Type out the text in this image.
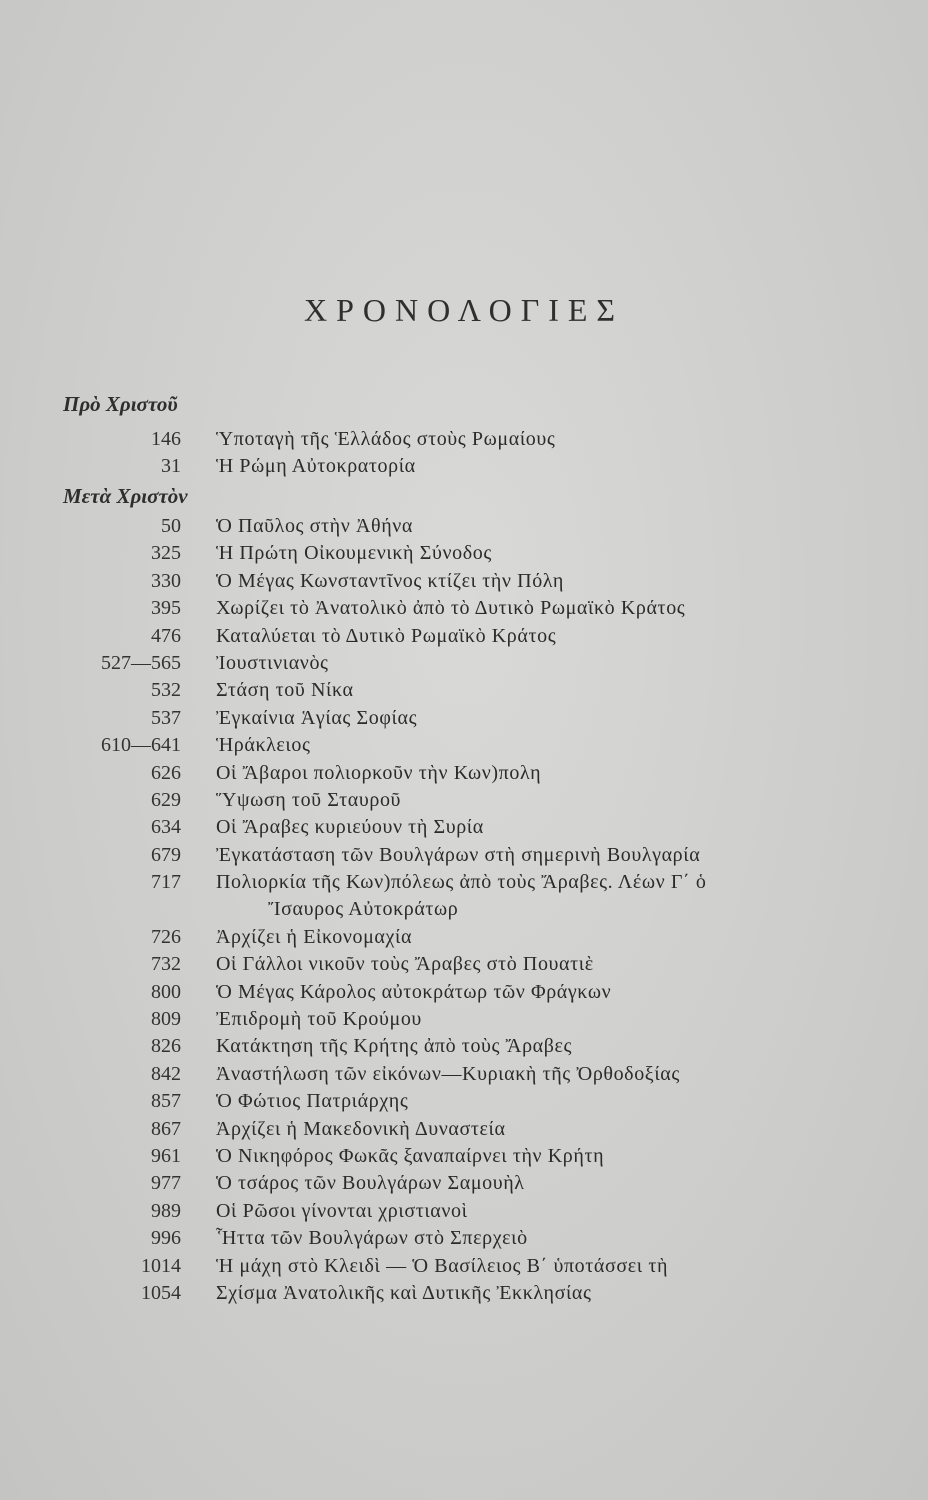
ΧΡΟΝΟΛΟΓΙΕΣ
Πρὸ Χριστοῦ
146 Ὑποταγὴ τῆς Ἑλλάδος στοὺς Ρωμαίους
31 Ἡ Ρώμη Αὐτοκρατορία
Μετὰ Χριστὸν
50 Ὁ Παῦλος στὴν Ἀθήνα
325 Ἡ Πρώτη Οἰκουμενικὴ Σύνοδος
330 Ὁ Μέγας Κωνσταντῖνος κτίζει τὴν Πόλη
395 Χωρίζει τὸ Ἀνατολικὸ ἀπὸ τὸ Δυτικὸ Ρωμαϊκὸ Κράτος
476 Καταλύεται τὸ Δυτικὸ Ρωμαϊκὸ Κράτος
527—565 Ἰουστινιανὸς
532 Στάση τοῦ Νίκα
537 Ἐγκαίνια Ἁγίας Σοφίας
610—641 Ἡράκλειος
626 Οἱ Ἄβαροι πολιορκοῦν τὴν Κων)πολη
629 Ὕψωση τοῦ Σταυροῦ
634 Οἱ Ἄραβες κυριεύουν τὴ Συρία
679 Ἐγκατάσταση τῶν Βουλγάρων στὴ σημερινὴ Βουλγαρία
717 Πολιορκία τῆς Κων)πόλεως ἀπὸ τοὺς Ἄραβες. Λέων Γ΄ ὁ
Ἴσαυρος Αὐτοκράτωρ
726 Ἀρχίζει ἡ Εἰκονομαχία
732 Οἱ Γάλλοι νικοῦν τοὺς Ἄραβες στὸ Πουατιὲ
800 Ὁ Μέγας Κάρολος αὐτοκράτωρ τῶν Φράγκων
809 Ἐπιδρομὴ τοῦ Κρούμου
826 Κατάκτηση τῆς Κρήτης ἀπὸ τοὺς Ἄραβες
842 Ἀναστήλωση τῶν εἰκόνων—Κυριακὴ τῆς Ὀρθοδοξίας
857 Ὁ Φώτιος Πατριάρχης
867 Ἀρχίζει ἡ Μακεδονικὴ Δυναστεία
961 Ὁ Νικηφόρος Φωκᾶς ξαναπαίρνει τὴν Κρήτη
977 Ὁ τσάρος τῶν Βουλγάρων Σαμουὴλ
989 Οἱ Ρῶσοι γίνονται χριστιανοὶ
996 Ἧττα τῶν Βουλγάρων στὸ Σπερχειὸ
1014 Ἡ μάχη στὸ Κλειδὶ — Ὁ Βασίλειος Β΄ ὑποτάσσει τὴ
1054 Σχίσμα Ἀνατολικῆς καὶ Δυτικῆς Ἐκκλησίας
